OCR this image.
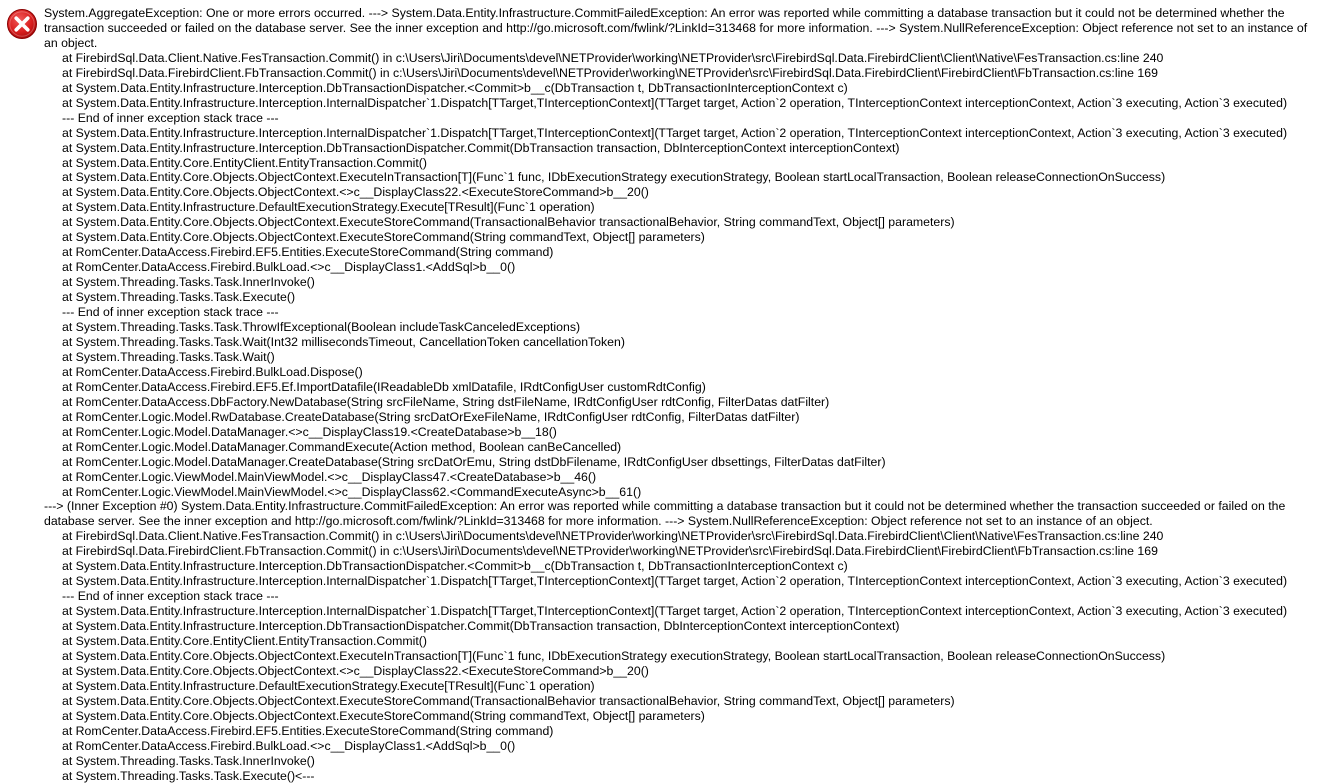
System.AggregateException: One or more errors occurred. ---> System.Data.Entity.Infrastructure.CommitFailedException: An error was reported while committing a database transaction but it could not be determined whether the transaction succeeded or failed on the database server. See the inner exception and http://go.microsoft.com/fwlink/?LinkId=313468 for more information. ---> System.NullReferenceException: Object reference not set to an instance of an object.
at FirebirdSql.Data.Client.Native.FesTransaction.Commit() in c:\Users\Jiri\Documents\devel\NETProvider\working\NETProvider\src\FirebirdSql.Data.FirebirdClient\Client\Native\FesTransaction.cs:line 240
at FirebirdSql.Data.FirebirdClient.FbTransaction.Commit() in c:\Users\Jiri\Documents\devel\NETProvider\working\NETProvider\src\FirebirdSql.Data.FirebirdClient\FirebirdClient\FbTransaction.cs:line 169
at System.Data.Entity.Infrastructure.Interception.DbTransactionDispatcher.<Commit>b__c(DbTransaction t, DbTransactionInterceptionContext c)
at System.Data.Entity.Infrastructure.Interception.InternalDispatcher`1.Dispatch[TTarget,TInterceptionContext](TTarget target, Action`2 operation, TInterceptionContext interceptionContext, Action`3 executing, Action`3 executed)
--- End of inner exception stack trace ---
at System.Data.Entity.Infrastructure.Interception.InternalDispatcher`1.Dispatch[TTarget,TInterceptionContext](TTarget target, Action`2 operation, TInterceptionContext interceptionContext, Action`3 executing, Action`3 executed)
at System.Data.Entity.Infrastructure.Interception.DbTransactionDispatcher.Commit(DbTransaction transaction, DbInterceptionContext interceptionContext)
at System.Data.Entity.Core.EntityClient.EntityTransaction.Commit()
at System.Data.Entity.Core.Objects.ObjectContext.ExecuteInTransaction[T](Func`1 func, IDbExecutionStrategy executionStrategy, Boolean startLocalTransaction, Boolean releaseConnectionOnSuccess)
at System.Data.Entity.Core.Objects.ObjectContext.<>c__DisplayClass22.<ExecuteStoreCommand>b__20()
at System.Data.Entity.Infrastructure.DefaultExecutionStrategy.Execute[TResult](Func`1 operation)
at System.Data.Entity.Core.Objects.ObjectContext.ExecuteStoreCommand(TransactionalBehavior transactionalBehavior, String commandText, Object[] parameters)
at System.Data.Entity.Core.Objects.ObjectContext.ExecuteStoreCommand(String commandText, Object[] parameters)
at RomCenter.DataAccess.Firebird.EF5.Entities.ExecuteStoreCommand(String command)
at RomCenter.DataAccess.Firebird.BulkLoad.<>c__DisplayClass1.<AddSql>b__0()
at System.Threading.Tasks.Task.InnerInvoke()
at System.Threading.Tasks.Task.Execute()
--- End of inner exception stack trace ---
at System.Threading.Tasks.Task.ThrowIfExceptional(Boolean includeTaskCanceledExceptions)
at System.Threading.Tasks.Task.Wait(Int32 millisecondsTimeout, CancellationToken cancellationToken)
at System.Threading.Tasks.Task.Wait()
at RomCenter.DataAccess.Firebird.BulkLoad.Dispose()
at RomCenter.DataAccess.Firebird.EF5.Ef.ImportDatafile(IReadableDb xmlDatafile, IRdtConfigUser customRdtConfig)
at RomCenter.DataAccess.DbFactory.NewDatabase(String srcFileName, String dstFileName, IRdtConfigUser rdtConfig, FilterDatas datFilter)
at RomCenter.Logic.Model.RwDatabase.CreateDatabase(String srcDatOrExeFileName, IRdtConfigUser rdtConfig, FilterDatas datFilter)
at RomCenter.Logic.Model.DataManager.<>c__DisplayClass19.<CreateDatabase>b__18()
at RomCenter.Logic.Model.DataManager.CommandExecute(Action method, Boolean canBeCancelled)
at RomCenter.Logic.Model.DataManager.CreateDatabase(String srcDatOrEmu, String dstDbFilename, IRdtConfigUser dbsettings, FilterDatas datFilter)
at RomCenter.Logic.ViewModel.MainViewModel.<>c__DisplayClass47.<CreateDatabase>b__46()
at RomCenter.Logic.ViewModel.MainViewModel.<>c__DisplayClass62.<CommandExecuteAsync>b__61()
---> (Inner Exception #0) System.Data.Entity.Infrastructure.CommitFailedException: An error was reported while committing a database transaction but it could not be determined whether the transaction succeeded or failed on the database server. See the inner exception and http://go.microsoft.com/fwlink/?LinkId=313468 for more information. ---> System.NullReferenceException: Object reference not set to an instance of an object.
at FirebirdSql.Data.Client.Native.FesTransaction.Commit() in c:\Users\Jiri\Documents\devel\NETProvider\working\NETProvider\src\FirebirdSql.Data.FirebirdClient\Client\Native\FesTransaction.cs:line 240
at FirebirdSql.Data.FirebirdClient.FbTransaction.Commit() in c:\Users\Jiri\Documents\devel\NETProvider\working\NETProvider\src\FirebirdSql.Data.FirebirdClient\FirebirdClient\FbTransaction.cs:line 169
at System.Data.Entity.Infrastructure.Interception.DbTransactionDispatcher.<Commit>b__c(DbTransaction t, DbTransactionInterceptionContext c)
at System.Data.Entity.Infrastructure.Interception.InternalDispatcher`1.Dispatch[TTarget,TInterceptionContext](TTarget target, Action`2 operation, TInterceptionContext interceptionContext, Action`3 executing, Action`3 executed)
--- End of inner exception stack trace ---
at System.Data.Entity.Infrastructure.Interception.InternalDispatcher`1.Dispatch[TTarget,TInterceptionContext](TTarget target, Action`2 operation, TInterceptionContext interceptionContext, Action`3 executing, Action`3 executed)
at System.Data.Entity.Infrastructure.Interception.DbTransactionDispatcher.Commit(DbTransaction transaction, DbInterceptionContext interceptionContext)
at System.Data.Entity.Core.EntityClient.EntityTransaction.Commit()
at System.Data.Entity.Core.Objects.ObjectContext.ExecuteInTransaction[T](Func`1 func, IDbExecutionStrategy executionStrategy, Boolean startLocalTransaction, Boolean releaseConnectionOnSuccess)
at System.Data.Entity.Core.Objects.ObjectContext.<>c__DisplayClass22.<ExecuteStoreCommand>b__20()
at System.Data.Entity.Infrastructure.DefaultExecutionStrategy.Execute[TResult](Func`1 operation)
at System.Data.Entity.Core.Objects.ObjectContext.ExecuteStoreCommand(TransactionalBehavior transactionalBehavior, String commandText, Object[] parameters)
at System.Data.Entity.Core.Objects.ObjectContext.ExecuteStoreCommand(String commandText, Object[] parameters)
at RomCenter.DataAccess.Firebird.EF5.Entities.ExecuteStoreCommand(String command)
at RomCenter.DataAccess.Firebird.BulkLoad.<>c__DisplayClass1.<AddSql>b__0()
at System.Threading.Tasks.Task.InnerInvoke()
at System.Threading.Tasks.Task.Execute()<---
